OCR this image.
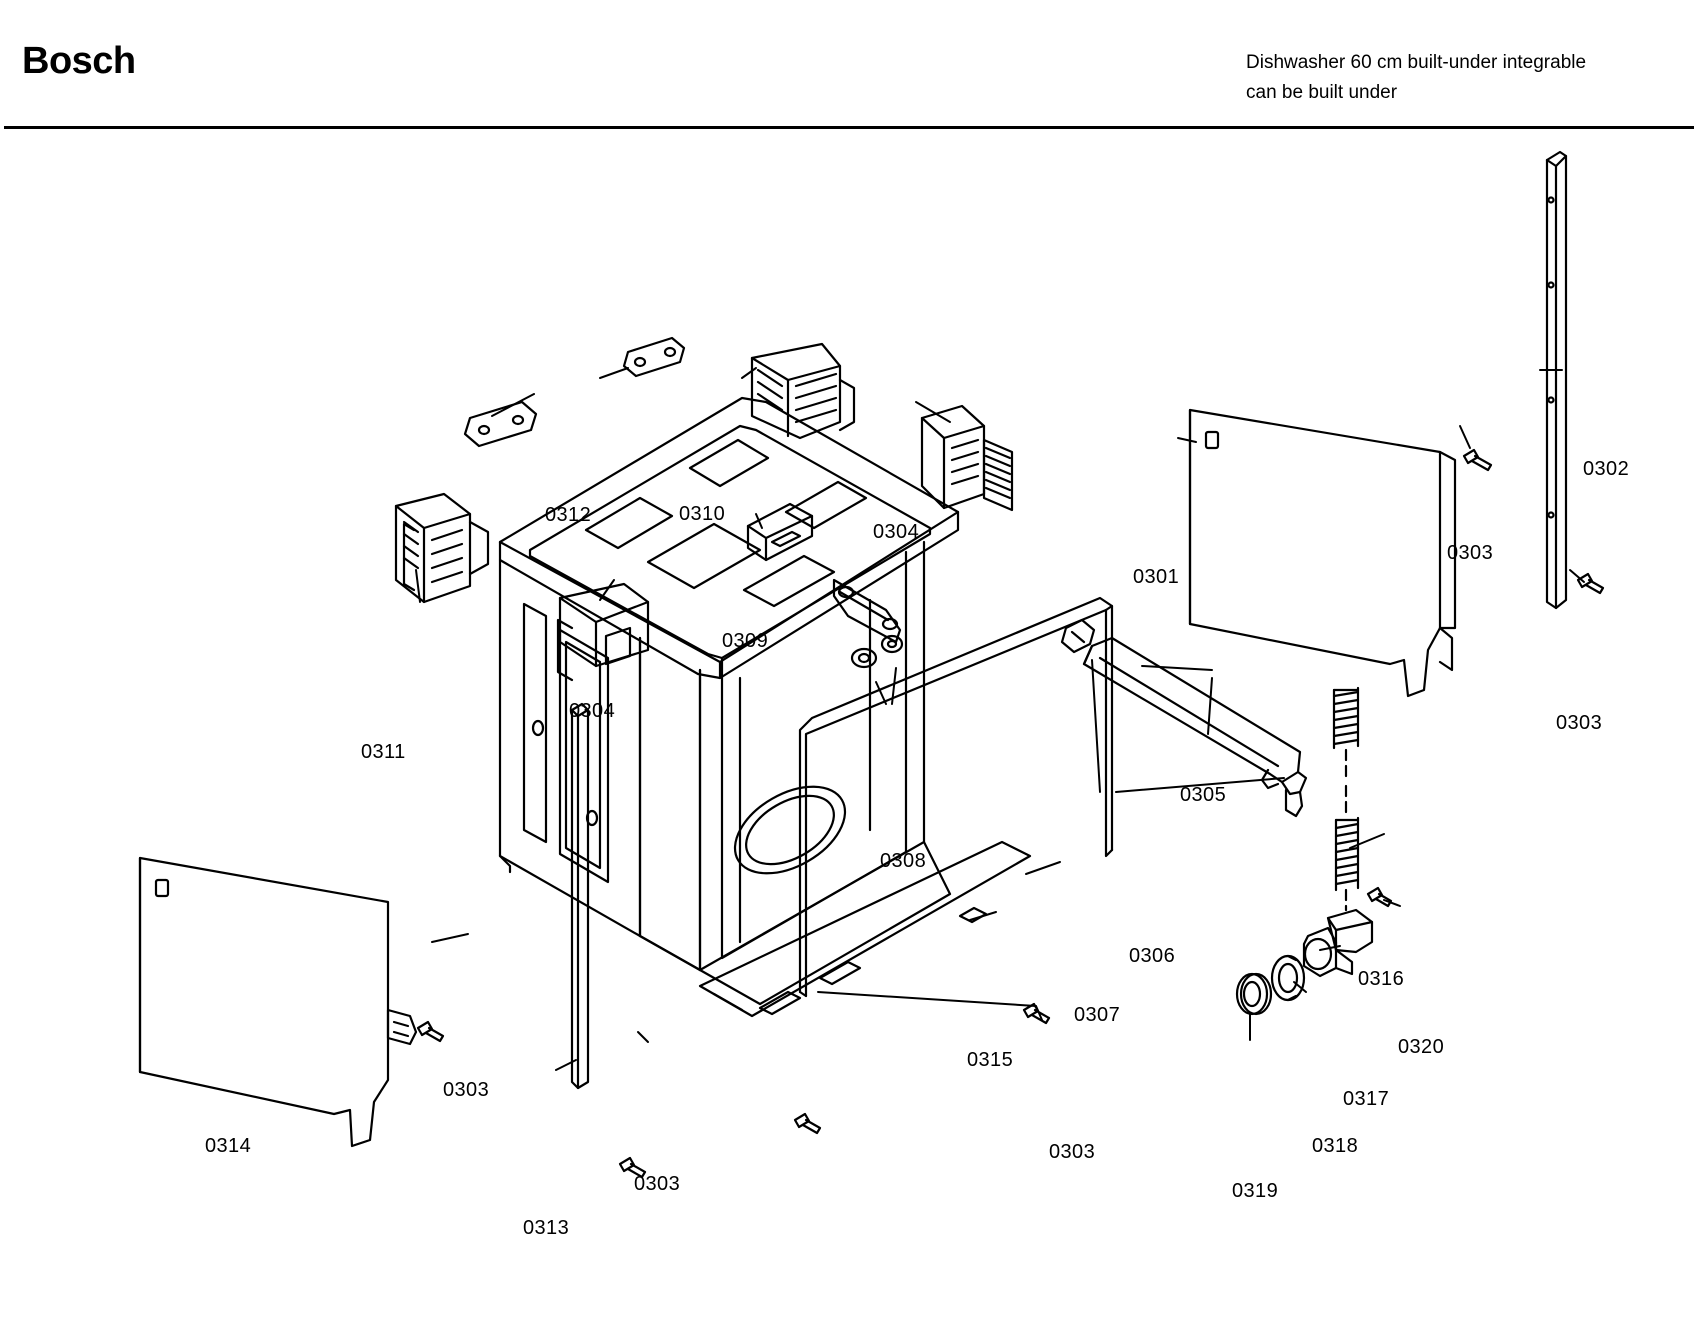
Bosch	Dishwasher 60 cm built-under integrable
can be built under
0312	0310
0304
0301
0303
0302
0303
0309
0304
0311
0305
0308
0306
0316
0307
0320
0315
0303	0317
0314	0303	0318
0319
0303
0313
